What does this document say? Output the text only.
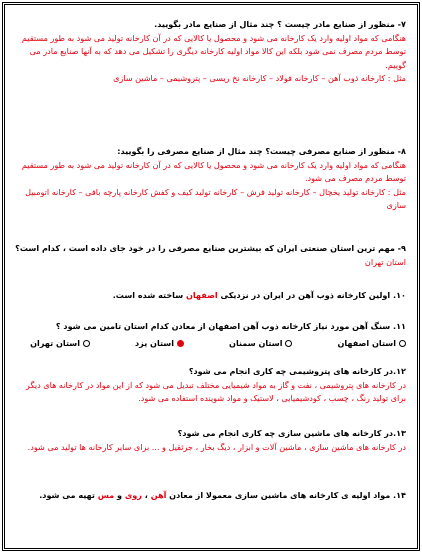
۷- منظور از صنایع مادر چیست ؟ چند مثال از صنایع مادر بگویید.
هنگامی که مواد اولیه وارد یک کارخانه می شود و محصول یا کالایی که در آن کارخانه تولید می شود به طور مستقیم توسط مردم مصرف نمی شود بلکه این کالا مواد اولیه کارخانه دیگری را تشکیل می دهد که به آنها صنایع مادر می گوییم.
مثل : کارخانه ذوب آهن – کارخانه فولاد – کارخانه نخ ریسی – پتروشیمی – ماشین سازی
۸- منظور از صنایع مصرفی چیست؟ چند مثال از صنایع مصرفی را بگویید:
هنگامی که مواد اولیه وارد یک کارخانه می شود و محصول یا کالایی که در آن کارخانه تولید می شود به طور مستقیم توسط مردم مصرف می شود.
مثل : کارخانه تولید یخچال – کارخانه تولید فرش – کارخانه تولید کیف و کفش کارخانه پارچه بافی – کارخانه اتومبیل سازی
۹- مهم ترین استان صنعتی ایران که بیشترین صنایع مصرفی را در خود جای داده است ، کدام است؟
استان تهران
۱۰. اولین کارخانه ذوب آهن در ایران در نزدیکی اصفهان ساخته شده است.
۱۱. سنگ آهن مورد نیاز کارخانه ذوب آهن اصفهان از معادن کدام استان تامین می شود ؟
استان اصفهان
استان سمنان
استان یزد
استان تهران
۱۲.در کارخانه های پتروشیمی چه کاری انجام می شود؟
در کارخانه های پتروشیمی ، نفت و گاز به مواد شیمیایی مختلف تبدیل می شود که از این مواد در کارخانه های دیگر برای تولید رنگ ، چسب ، کودشیمیایی ، لاستیک و مواد شوینده استفاده می شود.
۱۳.در کارخانه های ماشین سازی چه کاری انجام می شود؟
در کارخانه های ماشین سازی ، ماشین آلات و ابزار ، دیگ بخار ، جرثقیل و ... برای سایر کارخانه ها تولید می شود.
۱۴. مواد اولیه ی کارخانه های ماشین سازی معمولا از معادن آهن ، روی و مس تهیه می شود.
